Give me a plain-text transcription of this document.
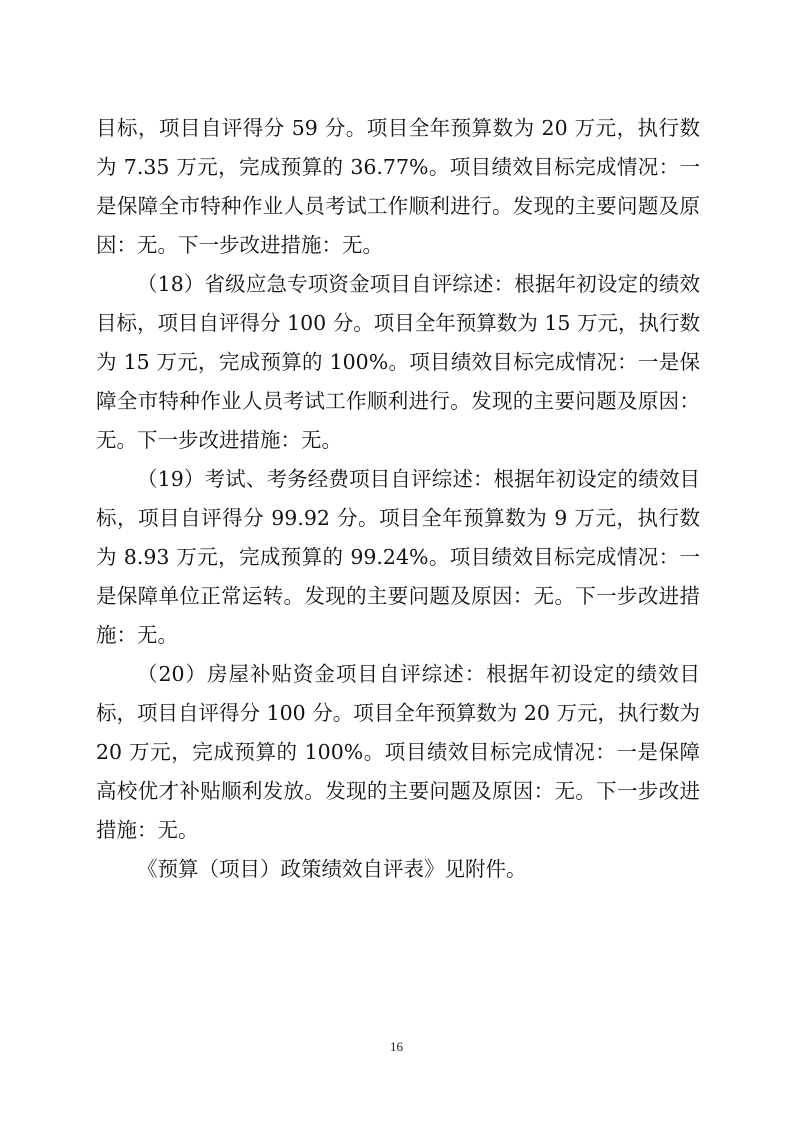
目标，项目自评得分 59 分。项目全年预算数为 20 万元，执行数为 7.35 万元，完成预算的 36.77%。项目绩效目标完成情况：一是保障全市特种作业人员考试工作顺利进行。发现的主要问题及原因：无。下一步改进措施：无。

（18）省级应急专项资金项目自评综述：根据年初设定的绩效目标，项目自评得分 100 分。项目全年预算数为 15 万元，执行数为 15 万元，完成预算的 100%。项目绩效目标完成情况：一是保障全市特种作业人员考试工作顺利进行。发现的主要问题及原因：无。下一步改进措施：无。

（19）考试、考务经费项目自评综述：根据年初设定的绩效目标，项目自评得分 99.92 分。项目全年预算数为 9 万元，执行数为 8.93 万元，完成预算的 99.24%。项目绩效目标完成情况：一是保障单位正常运转。发现的主要问题及原因：无。下一步改进措施：无。

（20）房屋补贴资金项目自评综述：根据年初设定的绩效目标，项目自评得分 100 分。项目全年预算数为 20 万元，执行数为 20 万元，完成预算的 100%。项目绩效目标完成情况：一是保障高校优才补贴顺利发放。发现的主要问题及原因：无。下一步改进措施：无。

《预算（项目）政策绩效自评表》见附件。

16
